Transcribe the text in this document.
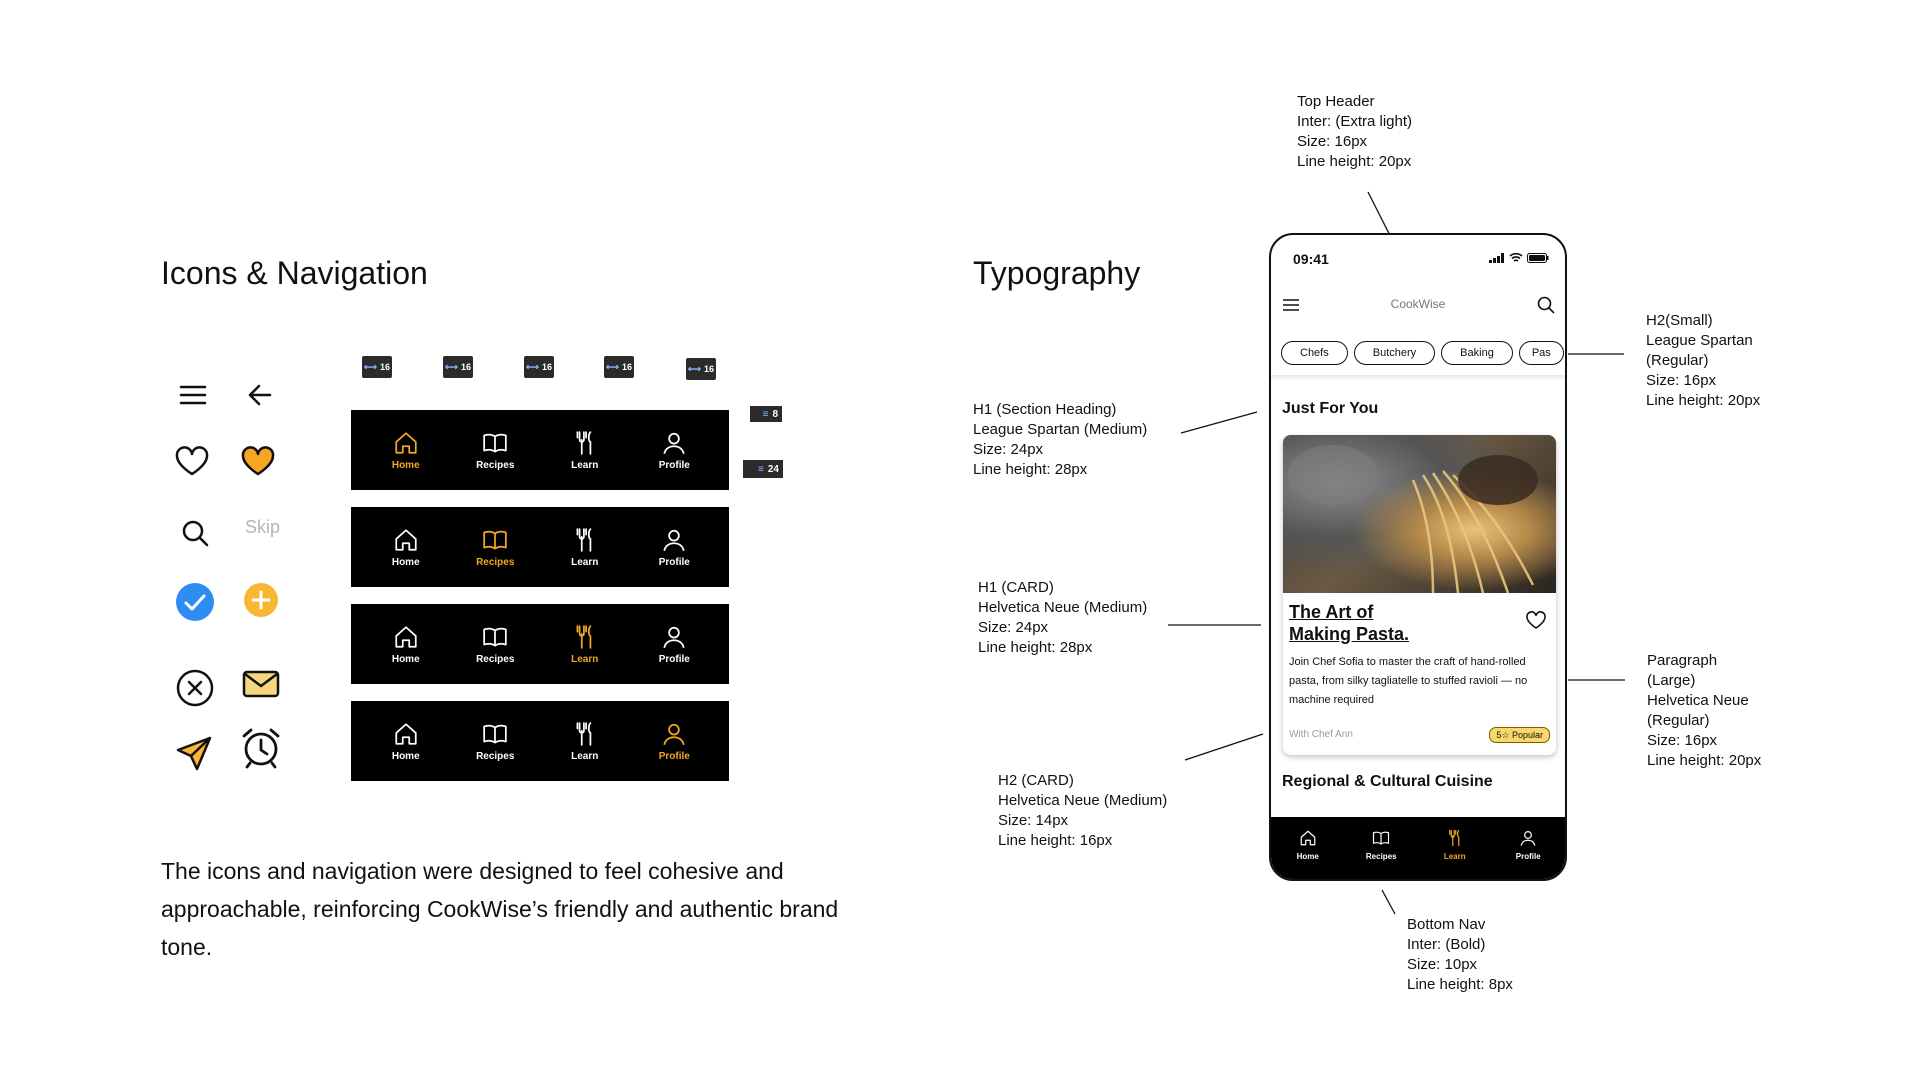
Icons & Navigation
Skip
⟷ 16	⟷ 16	⟷ 16	⟷ 16	⟷ 16
≡ 8
≡ 24
Home	Recipes	Learn	Profile
Home	Recipes	Learn	Profile
Home	Recipes	Learn	Profile
Home	Recipes	Learn	Profile
The icons and navigation were designed to feel cohesive and approachable, reinforcing CookWise’s friendly and authentic brand tone.
Typography
Top Header
Inter: (Extra light)
Size: 16px
Line height: 20px
H2(Small)
League Spartan
(Regular)
Size: 16px
Line height: 20px
H1 (Section Heading)
League Spartan (Medium)
Size: 24px
Line height: 28px
H1 (CARD)
Helvetica Neue (Medium)
Size: 24px
Line height: 28px
Paragraph
(Large)
Helvetica Neue
(Regular)
Size: 16px
Line height: 20px
H2 (CARD)
Helvetica Neue (Medium)
Size: 14px
Line height: 16px
Bottom Nav
Inter: (Bold)
Size: 10px
Line height: 8px
09:41
CookWise
Chefs	Butchery	Baking	Pas
Just For You
The Art of
Making Pasta.
Join Chef Sofia to master the craft of hand-rolled pasta, from silky tagliatelle to stuffed ravioli — no machine required
With Chef Ann	5☆ Popular
Regional & Cultural Cuisine
Home	Recipes	Learn	Profile
